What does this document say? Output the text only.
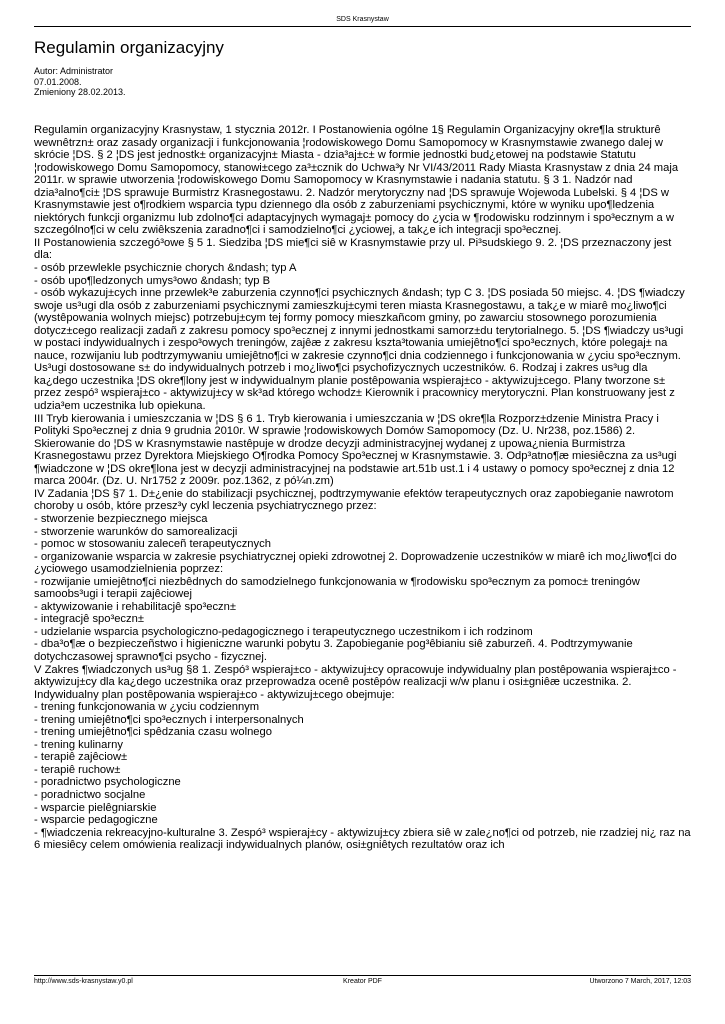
SDS Krasnystaw
Regulamin organizacyjny
Autor: Administrator
07.01.2008.
Zmieniony 28.02.2013.

Regulamin organizacyjny Krasnystaw, 1 stycznia 2012r. I Postanowienia ogólne 1§ Regulamin Organizacyjny okre¶la strukturê wewnêtrzn± oraz zasady organizacji i funkcjonowania ¦rodowiskowego Domu Samopomocy w Krasnymstawie zwanego dalej w skrócie ¦DS. § 2 ¦DS jest jednostk± organizacyjn± Miasta - dzia³aj±c± w formie jednostki bud¿etowej na podstawie Statutu ¦rodowiskowego Domu Samopomocy, stanowi±cego za³±cznik do Uchwa³y Nr VI/43/2011 Rady Miasta Krasnystaw z dnia 24 maja 2011r. w sprawie utworzenia ¦rodowiskowego Domu Samopomocy w Krasnymstawie i nadania statutu. § 3 1. Nadzór nad dzia³alno¶ci± ¦DS sprawuje Burmistrz Krasnegostawu. 2. Nadzór merytoryczny nad ¦DS sprawuje Wojewoda Lubelski. § 4 ¦DS w Krasnymstawie jest o¶rodkiem wsparcia typu dziennego dla osób z zaburzeniami psychicznymi, które w wyniku upo¶ledzenia niektórych funkcji organizmu lub zdolno¶ci adaptacyjnych wymagaj± pomocy do ¿ycia w ¶rodowisku rodzinnym i spo³ecznym a w szczególno¶ci w celu zwiêkszenia zaradno¶ci i samodzielno¶ci ¿yciowej, a tak¿e ich integracji spo³ecznej.

II Postanowienia szczegó³owe § 5 1. Siedziba ¦DS mie¶ci siê w Krasnymstawie przy ul. Pi³sudskiego 9. 2. ¦DS przeznaczony jest dla:

- osób przewlekle psychicznie chorych &ndash; typ A
- osób upo¶ledzonych umys³owo &ndash; typ B

- osób wykazuj±cych inne przewlek³e zaburzenia czynno¶ci psychicznych &ndash; typ C 3. ¦DS posiada 50 miejsc. 4. ¦DS ¶wiadczy swoje us³ugi dla osób z zaburzeniami psychicznymi zamieszkuj±cymi teren miasta Krasnegostawu, a tak¿e w miarê mo¿liwo¶ci (wystêpowania wolnych miejsc) potrzebuj±cym tej formy pomocy mieszkañcom gminy, po zawarciu stosownego porozumienia dotycz±cego realizacji zadañ z zakresu pomocy spo³ecznej z innymi jednostkami samorz±du terytorialnego. 5. ¦DS ¶wiadczy us³ugi w postaci indywidualnych i zespo³owych treningów, zajêæ z zakresu kszta³towania umiejêtno¶ci spo³ecznych, które polegaj± na nauce, rozwijaniu lub podtrzymywaniu umiejêtno¶ci w zakresie czynno¶ci dnia codziennego i funkcjonowania w ¿yciu spo³ecznym. Us³ugi dostosowane s± do indywidualnych potrzeb i mo¿liwo¶ci psychofizycznych uczestników. 6. Rodzaj i zakres us³ug dla ka¿dego uczestnika ¦DS okre¶lony jest w indywidualnym planie postêpowania wspieraj±co - aktywizuj±cego. Plany tworzone s± przez zespó³ wspieraj±co - aktywizuj±cy w sk³ad którego wchodz± Kierownik i pracownicy merytoryczni. Plan konstruowany jest z udzia³em uczestnika lub opiekuna.

III Tryb kierowania i umieszczania w ¦DS § 6 1. Tryb kierowania i umieszczania w ¦DS okre¶la Rozporz±dzenie Ministra Pracy i Polityki Spo³ecznej z dnia 9 grudnia 2010r. W sprawie ¦rodowiskowych Domów Samopomocy (Dz. U. Nr238, poz.1586) 2. Skierowanie do ¦DS w Krasnymstawie nastêpuje w drodze decyzji administracyjnej wydanej z upowa¿nienia Burmistrza Krasnegostawu przez Dyrektora Miejskiego O¶rodka Pomocy Spo³ecznej w Krasnymstawie. 3. Odp³atno¶æ miesiêczna za us³ugi ¶wiadczone w ¦DS okre¶lona jest w decyzji administracyjnej na podstawie art.51b ust.1 i 4 ustawy o pomocy spo³ecznej z dnia 12 marca 2004r. (Dz. U. Nr1752 z 2009r. poz.1362, z pó¼n.zm)

IV Zadania ¦DS §7 1. D±¿enie do stabilizacji psychicznej, podtrzymywanie efektów terapeutycznych oraz zapobieganie nawrotom choroby u osób, które przesz³y cykl leczenia psychiatrycznego przez:

- stworzenie bezpiecznego miejsca
- stworzenie warunków do samorealizacji
- pomoc w stosowaniu zaleceñ terapeutycznych

- organizowanie wsparcia w zakresie psychiatrycznej opieki zdrowotnej 2. Doprowadzenie uczestników w miarê ich mo¿liwo¶ci do ¿yciowego usamodzielnienia poprzez:

- rozwijanie umiejêtno¶ci niezbêdnych do samodzielnego funkcjonowania w ¶rodowisku spo³ecznym za pomoc± treningów samoobs³ugi i terapii zajêciowej

- aktywizowanie i rehabilitacjê spo³eczn±
- integracjê spo³eczn±
- udzielanie wsparcia psychologiczno-pedagogicznego i terapeutycznego uczestnikom i ich rodzinom

- dba³o¶æ o bezpieczeñstwo i higieniczne warunki pobytu 3. Zapobieganie pog³êbianiu siê zaburzeñ. 4. Podtrzymywanie dotychczasowej sprawno¶ci psycho - fizycznej.

V Zakres ¶wiadczonych us³ug §8 1. Zespó³ wspieraj±co - aktywizuj±cy opracowuje indywidualny plan postêpowania wspieraj±co - aktywizuj±cy dla ka¿dego uczestnika oraz przeprowadza ocenê postêpów realizacji w/w planu i osi±gniêæ uczestnika. 2. Indywidualny plan postêpowania wspieraj±co - aktywizuj±cego obejmuje:

- trening funkcjonowania w ¿yciu codziennym
- trening umiejêtno¶ci spo³ecznych i interpersonalnych
- trening umiejêtno¶ci spêdzania czasu wolnego
- trening kulinarny
- terapiê zajêciow±
- terapiê ruchow±
- poradnictwo psychologiczne
- poradnictwo socjalne
- wsparcie pielêgniarskie
- wsparcie pedagogiczne

- ¶wiadczenia rekreacyjno-kulturalne 3. Zespó³ wspieraj±cy - aktywizuj±cy zbiera siê w zale¿no¶ci od potrzeb, nie rzadziej ni¿ raz na 6 miesiêcy celem omówienia realizacji indywidualnych planów, osi±gniêtych rezultatów oraz ich

http://www.sds-krasnystaw.y0.pl	Kreator PDF	Utworzono 7 March, 2017, 12:03
